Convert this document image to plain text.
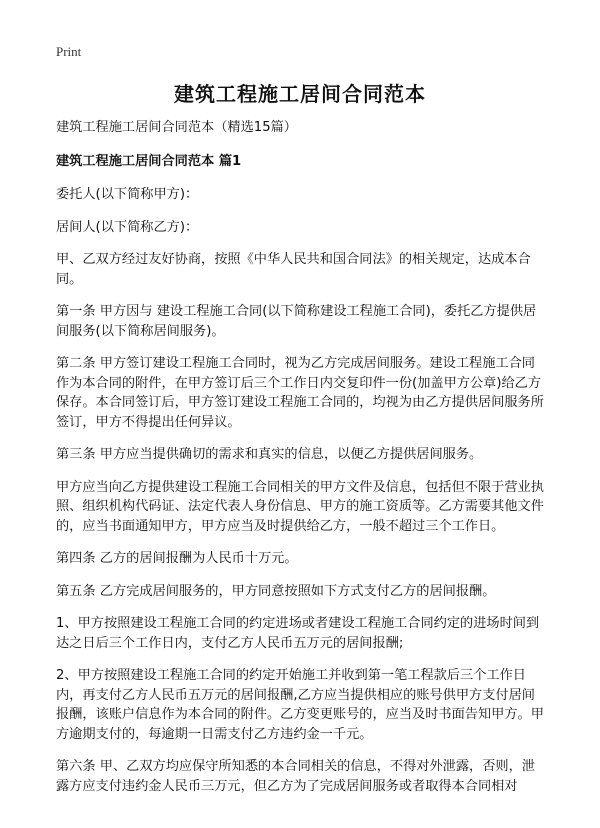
Print
建筑工程施工居间合同范本

建筑工程施工居间合同范本（精选15篇）

建筑工程施工居间合同范本 篇1

委托人(以下简称甲方)：

居间人(以下简称乙方)：

甲、乙双方经过友好协商，按照《中华人民共和国合同法》的相关规定，达成本合同。

第一条 甲方因与 建设工程施工合同(以下简称建设工程施工合同)，委托乙方提供居间服务(以下简称居间服务)。

第二条 甲方签订建设工程施工合同时，视为乙方完成居间服务。建设工程施工合同作为本合同的附件，在甲方签订后三个工作日内交复印件一份(加盖甲方公章)给乙方保存。本合同签订后，甲方签订建设工程施工合同的，均视为由乙方提供居间服务所签订，甲方不得提出任何异议。

第三条 甲方应当提供确切的需求和真实的信息，以便乙方提供居间服务。

甲方应当向乙方提供建设工程施工合同相关的甲方文件及信息，包括但不限于营业执照、组织机构代码证、法定代表人身份信息、甲方的施工资质等。乙方需要其他文件的，应当书面通知甲方，甲方应当及时提供给乙方，一般不超过三个工作日。

第四条 乙方的居间报酬为人民币十万元。

第五条 乙方完成居间服务的，甲方同意按照如下方式支付乙方的居间报酬。

1、甲方按照建设工程施工合同的约定进场或者建设工程施工合同约定的进场时间到达之日后三个工作日内，支付乙方人民币五万元的居间报酬;

2、甲方按照建设工程施工合同的约定开始施工并收到第一笔工程款后三个工作日内，再支付乙方人民币五万元的居间报酬,乙方应当提供相应的账号供甲方支付居间报酬，该账户信息作为本合同的附件。乙方变更账号的，应当及时书面告知甲方。甲方逾期支付的，每逾期一日需支付乙方违约金一千元。

第六条 甲、乙双方均应保守所知悉的本合同相关的信息，不得对外泄露，否则，泄露方应支付违约金人民币三万元，但乙方为了完成居间服务或者取得本合同相对
